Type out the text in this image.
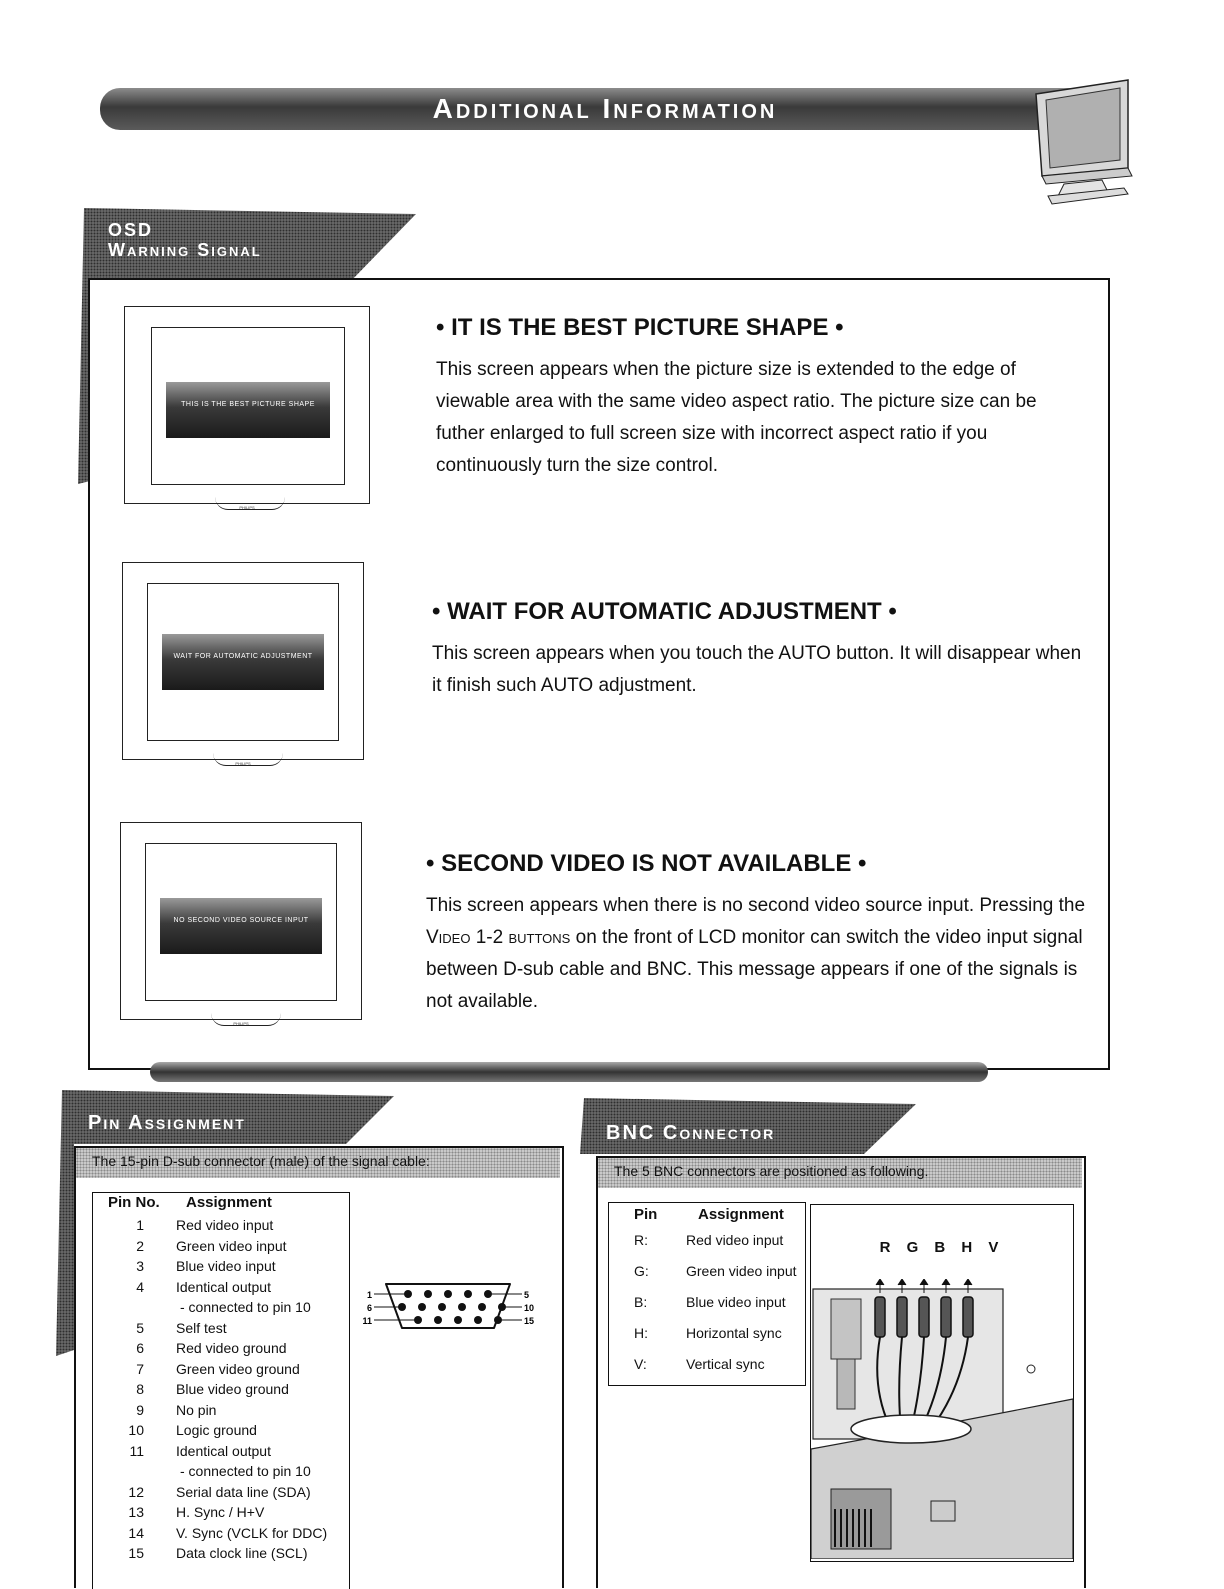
Additional Information
OSD
Warning Signal
THIS IS THE BEST PICTURE SHAPE
PHILIPS
• IT IS THE BEST PICTURE SHAPE •
This screen appears when the picture size is extended to the edge of viewable area with the same video aspect ratio. The picture size can be futher enlarged to full screen size with incorrect aspect ratio if you continuously turn the size control.
WAIT FOR AUTOMATIC ADJUSTMENT
PHILIPS
• WAIT FOR AUTOMATIC ADJUSTMENT •
This screen appears when you touch the AUTO button. It will disappear when it finish such AUTO adjustment.
NO SECOND VIDEO SOURCE INPUT
PHILIPS
• SECOND VIDEO IS NOT AVAILABLE •
This screen appears when there is no second video source input. Pressing the Video 1-2 buttons on the front of LCD monitor can switch the video input signal between D-sub cable and BNC. This message appears if one of the signals is not available.
Pin Assignment
The 15-pin D-sub connector (male) of the signal cable:
Pin No. Assignment
1 Red video input
2 Green video input
3 Blue video input
4 Identical output
- connected to pin 10
5 Self test
6 Red video ground
7 Green video ground
8 Blue video ground
9 No pin
10 Logic ground
11 Identical output
- connected to pin 10
12 Serial data line (SDA)
13 H. Sync / H+V
14 V. Sync (VCLK for DDC)
15 Data clock line (SCL)
1
6
11
5
10
15
BNC Connector
The 5 BNC connectors are positioned as following.
Pin	Assignment
R:	Red video input
G:	Green video input
B:	Blue video input
H:	Horizontal sync
V:	Vertical sync
R G B H V
